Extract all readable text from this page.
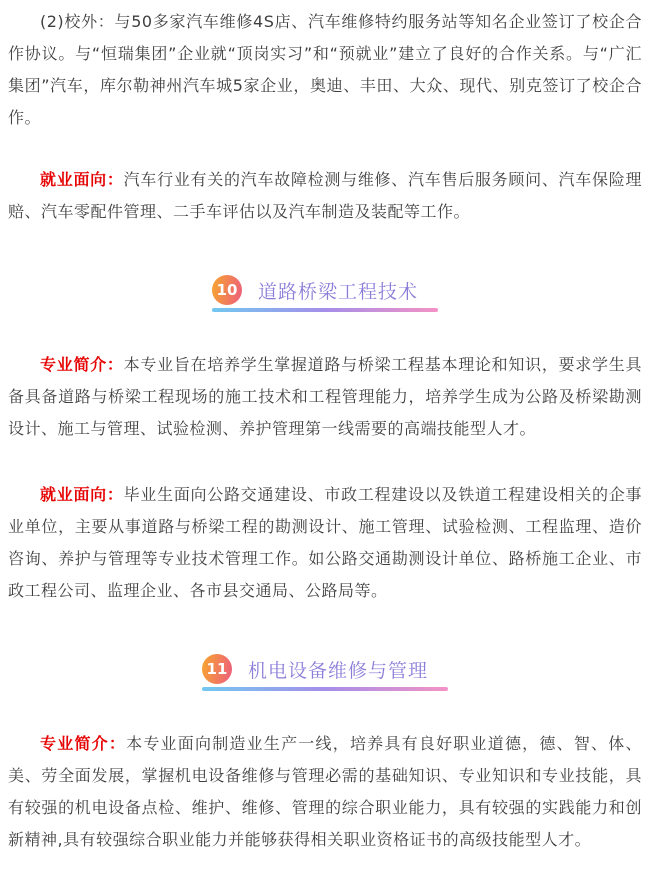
(2)校外：与50多家汽车维修4S店、汽车维修特约服务站等知名企业签订了校企合作协议。与“恒瑞集团”企业就“顶岗实习”和“预就业”建立了良好的合作关系。与“广汇集团”汽车，库尔勒神州汽车城5家企业，奥迪、丰田、大众、现代、别克签订了校企合作。

就业面向：汽车行业有关的汽车故障检测与维修、汽车售后服务顾问、汽车保险理赔、汽车零配件管理、二手车评估以及汽车制造及装配等工作。

10 道路桥梁工程技术

专业简介：本专业旨在培养学生掌握道路与桥梁工程基本理论和知识，要求学生具备具备道路与桥梁工程现场的施工技术和工程管理能力，培养学生成为公路及桥梁勘测设计、施工与管理、试验检测、养护管理第一线需要的高端技能型人才。

就业面向：毕业生面向公路交通建设、市政工程建设以及铁道工程建设相关的企事业单位，主要从事道路与桥梁工程的勘测设计、施工管理、试验检测、工程监理、造价咨询、养护与管理等专业技术管理工作。如公路交通勘测设计单位、路桥施工企业、市政工程公司、监理企业、各市县交通局、公路局等。

11 机电设备维修与管理

专业简介：本专业面向制造业生产一线，培养具有良好职业道德，德、智、体、美、劳全面发展，掌握机电设备维修与管理必需的基础知识、专业知识和专业技能，具有较强的机电设备点检、维护、维修、管理的综合职业能力，具有较强的实践能力和创新精神,具有较强综合职业能力并能够获得相关职业资格证书的高级技能型人才。
